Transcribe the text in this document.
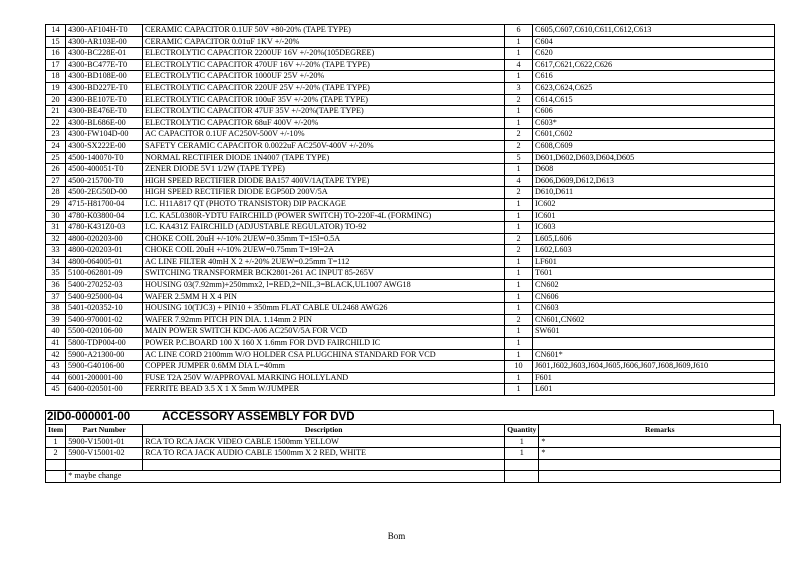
14	4300-AF104H-T0	CERAMIC CAPACITOR 0.1UF 50V +80-20% (TAPE TYPE)	6	C605,C607,C610,C611,C612,C613
15	4300-AR103E-00	CERAMIC CAPACITOR 0.01uF 1KV +/-20%	1	C604
16	4300-BC228E-01	ELECTROLYTIC CAPACITOR 2200UF 16V +/-20%(105DEGREE)	1	C620
17	4300-BC477E-T0	ELECTROLYTIC CAPACITOR 470UF 16V +/-20% (TAPE TYPE)	4	C617,C621,C622,C626
18	4300-BD108E-00	ELECTROLYTIC CAPACITOR 1000UF 25V +/-20%	1	C616
19	4300-BD227E-T0	ELECTROLYTIC CAPACITOR 220UF 25V +/-20% (TAPE TYPE)	3	C623,C624,C625
20	4300-BE107E-T0	ELECTROLYTIC CAPACITOR 100uF 35V +/-20% (TAPE TYPE)	2	C614,C615
21	4300-BE476E-T0	ELECTROLYTIC CAPACITOR 47UF 35V +/-20%(TAPE TYPE)	1	C606
22	4300-BL686E-00	ELECTROLYTIC CAPACITOR 68uF 400V +/-20%	1	C603*
23	4300-FW104D-00	AC CAPACITOR 0.1UF AC250V-500V +/-10%	2	C601,C602
24	4300-SX222E-00	SAFETY CERAMIC CAPACITOR 0.0022uF AC250V-400V +/-20%	2	C608,C609
25	4500-140070-T0	NORMAL RECTIFIER DIODE 1N4007 (TAPE TYPE)	5	D601,D602,D603,D604,D605
26	4500-400051-T0	ZENER DIODE 5V1 1/2W (TAPE TYPE)	1	D608
27	4500-215700-T0	HIGH SPEED RECTIFIER DIODE BA157 400V/1A(TAPE TYPE)	4	D606,D609,D612,D613
28	4500-2EG50D-00	HIGH SPEED RECTIFIER DIODE EGP50D 200V/5A	2	D610,D611
29	4715-H81700-04	I.C. H11A817 QT (PHOTO TRANSISTOR) DIP PACKAGE	1	IC602
30	4780-K03800-04	I.C. KA5L0380R-YDTU FAIRCHILD (POWER SWITCH) TO-220F-4L (FORMING)	1	IC601
31	4780-K431Z0-03	I.C. KA431Z FAIRCHILD (ADJUSTABLE REGULATOR) TO-92	1	IC603
32	4800-020203-00	CHOKE COIL 20uH +/-10% 2UEW=0.35mm T=15l=0.5A	2	L605,L606
33	4800-020203-01	CHOKE COIL 20uH +/-10% 2UEW=0.75mm T=19l=2A	2	L602,L603
34	4800-064005-01	AC LINE FILTER 40mH X 2 +/-20% 2UEW=0.25mm T=112	1	LF601
35	5100-062801-09	SWITCHING TRANSFORMER BCK2801-261 AC INPUT 85-265V	1	T601
36	5400-270252-03	HOUSING 03(7.92mm)+250mmx2, l=RED,2=NIL,3=BLACK,UL1007 AWG18	1	CN602
37	5400-925000-04	WAFER 2.5MM H X 4 PIN	1	CN606
38	5401-020352-10	HOUSING 10(TJC3) + PIN10 + 350mm FLAT CABLE UL2468 AWG26	1	CN603
39	5400-970001-02	WAFER 7.92mm PITCH PIN DIA. 1.14mm 2 PIN	2	CN601,CN602
40	5500-020106-00	MAIN POWER SWITCH KDC-A06 AC250V/5A FOR VCD	1	SW601
41	5800-TDP004-00	POWER P.C.BOARD 100 X 160 X 1.6mm FOR DVD FAIRCHILD IC	1	
42	5900-A21300-00	AC LINE CORD 2100mm W/O HOLDER CSA PLUGCHINA STANDARD FOR VCD	1	CN601*
43	5900-G40106-00	COPPER JUMPER 0.6MM DIA L=40mm	10	J601,J602,J603,J604,J605,J606,J607,J608,J609,J610
44	6001-200001-00	FUSE T2A 250V W/APPROVAL MARKING HOLLYLAND	1	F601
45	6400-020501-00	FERRITE BEAD 3.5 X 1 X 5mm W/JUMPER	1	L601
2ID0-000001-00	ACCESSORY ASSEMBLY FOR DVD
Item	Part Number	Description	Quantity	Remarks
1	5900-V15001-01	RCA TO RCA JACK VIDEO CABLE 1500mm YELLOW	1	*
2	5900-V15001-02	RCA TO RCA JACK AUDIO CABLE 1500mm X 2 RED, WHITE	1	*

	* maybe change			
Bom
